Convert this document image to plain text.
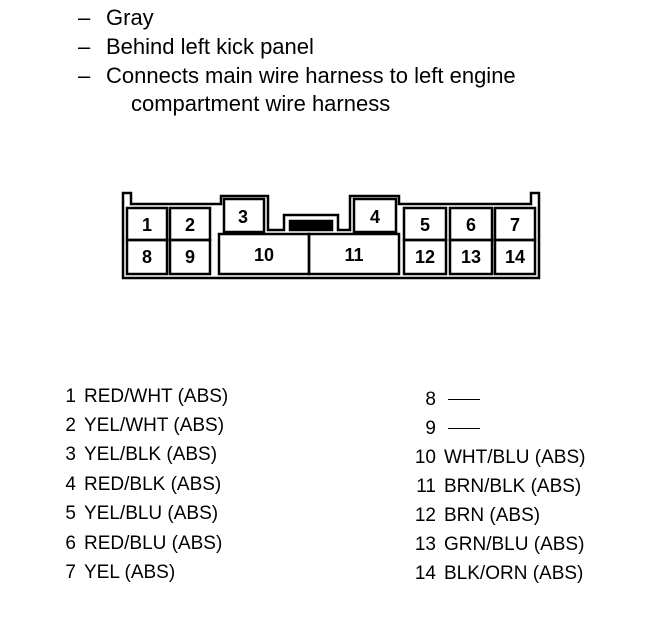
– Gray
– Behind left kick panel
– Connects main wire harness to left engine
compartment wire harness
1 2 3	4 5 6 7
8 9	10	11	12 13 14
1 RED/WHT (ABS)
2 YEL/WHT (ABS)
3 YEL/BLK (ABS)
4 RED/BLK (ABS)
5 YEL/BLU (ABS)
6 RED/BLU (ABS)
7 YEL (ABS)
8
9
10 WHT/BLU (ABS)
11 BRN/BLK (ABS)
12 BRN (ABS)
13 GRN/BLU (ABS)
14 BLK/ORN (ABS)
